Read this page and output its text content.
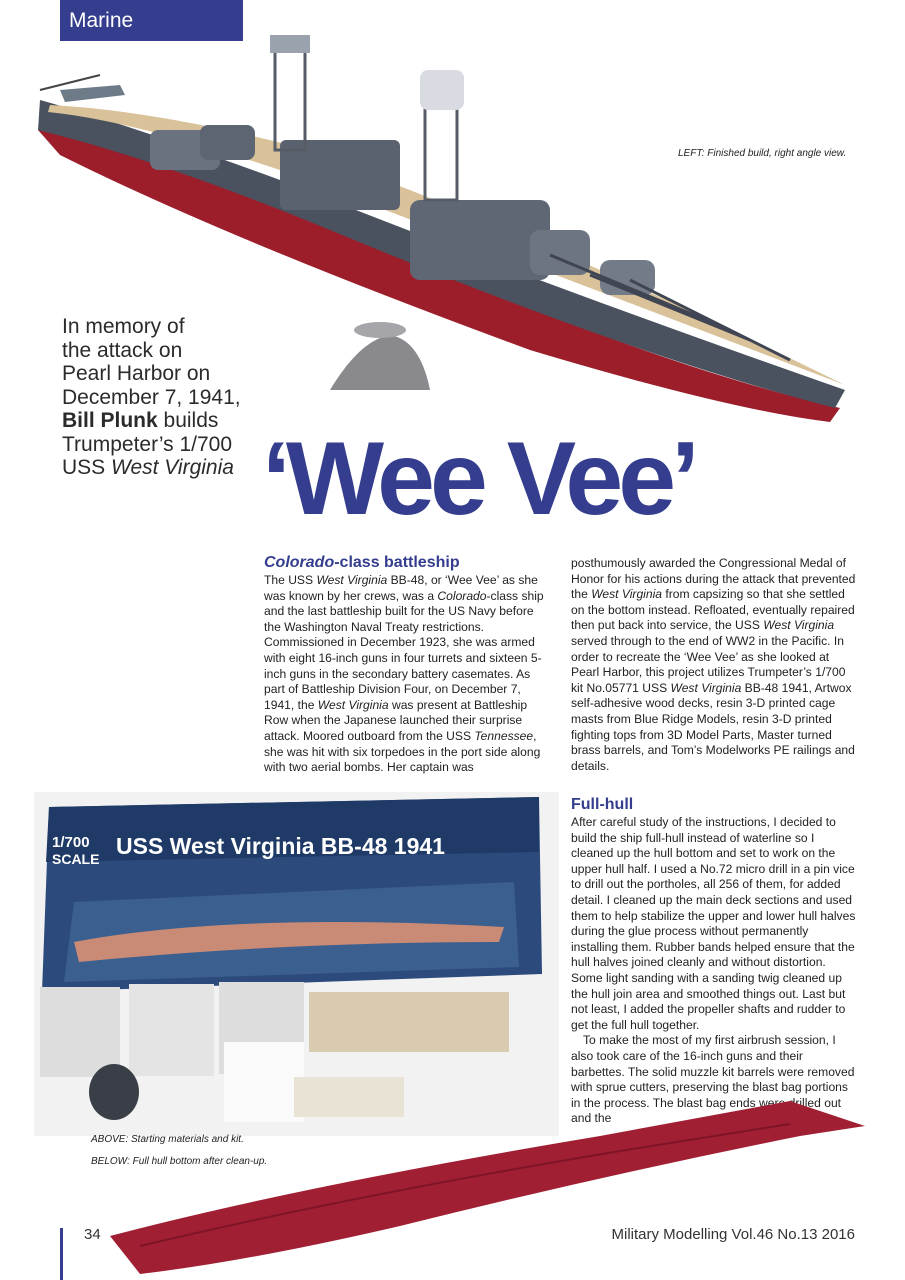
Marine
LEFT: Finished build, right angle view.
In memory of
the attack on
Pearl Harbor on
December 7, 1941,
Bill Plunk builds
Trumpeter’s 1/700
USS West Virginia ‘Wee Vee’
Colorado-class battleship

The USS West Virginia BB-48, or ‘Wee Vee’ as she was known by her crews, was a Colorado-class ship and the last battleship built for the US Navy before the Washington Naval Treaty restrictions. Commissioned in December 1923, she was armed with eight 16-inch guns in four turrets and sixteen 5-inch guns in the secondary battery casemates. As part of Battleship Division Four, on December 7, 1941, the West Virginia was present at Battleship Row when the Japanese launched their surprise attack. Moored outboard from the USS Tennessee, she was hit with six torpedoes in the port side along with two aerial bombs. Her captain was

posthumously awarded the Congressional Medal of Honor for his actions during the attack that prevented the West Virginia from capsizing so that she settled on the bottom instead. Refloated, eventually repaired then put back into service, the USS West Virginia served through to the end of WW2 in the Pacific. In order to recreate the ‘Wee Vee’ as she looked at Pearl Harbor, this project utilizes Trumpeter’s 1/700 kit No.05771 USS West Virginia BB-48 1941, Artwox self-adhesive wood decks, resin 3-D printed cage masts from Blue Ridge Models, resin 3-D printed fighting tops from 3D Model Parts, Master turned brass barrels, and Tom’s Modelworks PE railings and details.

1/700
SCALE USS West Virginia BB-48 1941
ABOVE: Starting materials and kit.
BELOW: Full hull bottom after clean-up.
Full-hull

After careful study of the instructions, I decided to build the ship full-hull instead of waterline so I cleaned up the hull bottom and set to work on the upper hull half. I used a No.72 micro drill in a pin vice to drill out the portholes, all 256 of them, for added detail. I cleaned up the main deck sections and used them to help stabilize the upper and lower hull halves during the glue process without permanently installing them. Rubber bands helped ensure that the hull halves joined cleanly and without distortion. Some light sanding with a sanding twig cleaned up the hull join area and smoothed things out. Last but not least, I added the propeller shafts and rudder to get the full hull together.

To make the most of my first airbrush session, I also took care of the 16-inch guns and their barbettes. The solid muzzle kit barrels were removed with sprue cutters, preserving the blast bag portions in the process. The blast bag ends were drilled out and the

34	Military Modelling Vol.46 No.13 2016
